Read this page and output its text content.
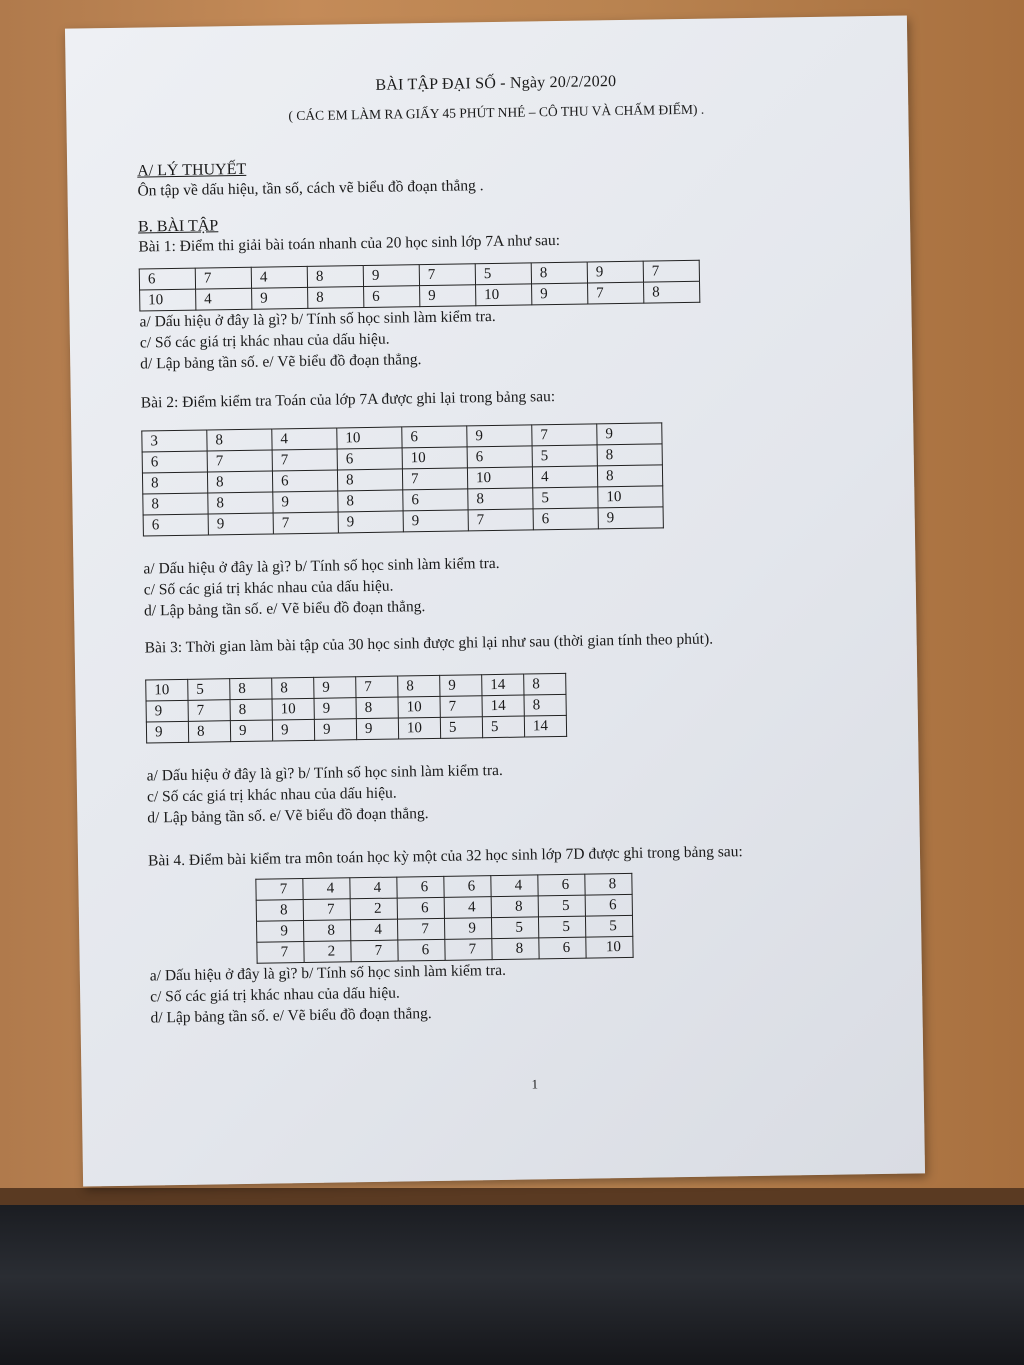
BÀI TẬP ĐẠI SỐ - Ngày 20/2/2020
( CÁC EM LÀM RA GIẤY 45 PHÚT NHÉ – CÔ THU VÀ CHẤM ĐIỂM) .
A/ LÝ THUYẾT
Ôn tập về dấu hiệu, tần số, cách vẽ biểu đồ đoạn thẳng .
B. BÀI TẬP
Bài 1: Điểm thi giải bài toán nhanh của 20 học sinh lớp 7A như sau:
6	7	4	8	9	7	5	8	9	7
10	4	9	8	6	9	10	9	7	8
a/ Dấu hiệu ở đây là gì? b/ Tính số học sinh làm kiểm tra.
c/ Số các giá trị khác nhau của dấu hiệu.
d/ Lập bảng tần số. e/ Vẽ biểu đồ đoạn thẳng.
Bài 2: Điểm kiểm tra Toán của lớp 7A được ghi lại trong bảng sau:
3	8	4	10	6	9	7	9
6	7	7	6	10	6	5	8
8	8	6	8	7	10	4	8
8	8	9	8	6	8	5	10
6	9	7	9	9	7	6	9
a/ Dấu hiệu ở đây là gì? b/ Tính số học sinh làm kiểm tra.
c/ Số các giá trị khác nhau của dấu hiệu.
d/ Lập bảng tần số. e/ Vẽ biểu đồ đoạn thẳng.
Bài 3: Thời gian làm bài tập của 30 học sinh được ghi lại như sau (thời gian tính theo phút).
10	5	8	8	9	7	8	9	14	8
9	7	8	10	9	8	10	7	14	8
9	8	9	9	9	9	10	5	5	14
a/ Dấu hiệu ở đây là gì? b/ Tính số học sinh làm kiểm tra.
c/ Số các giá trị khác nhau của dấu hiệu.
d/ Lập bảng tần số. e/ Vẽ biểu đồ đoạn thẳng.
Bài 4. Điểm bài kiểm tra môn toán học kỳ một của 32 học sinh lớp 7D được ghi trong bảng sau:
7	4	4	6	6	4	6	8
8	7	2	6	4	8	5	6
9	8	4	7	9	5	5	5
7	2	7	6	7	8	6	10
a/ Dấu hiệu ở đây là gì? b/ Tính số học sinh làm kiểm tra.
c/ Số các giá trị khác nhau của dấu hiệu.
d/ Lập bảng tần số. e/ Vẽ biểu đồ đoạn thẳng.
1
